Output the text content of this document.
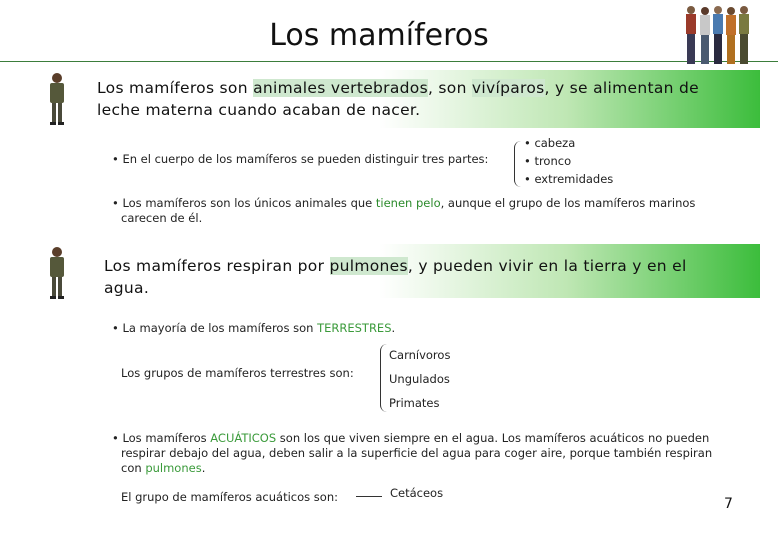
Los mamíferos
Los mamíferos son animales vertebrados, son vivíparos, y se alimentan de
leche materna cuando acaban de nacer.
• En el cuerpo de los mamíferos se pueden distinguir tres partes:
• cabeza
• tronco
• extremidades
• Los mamíferos son los únicos animales que tienen pelo, aunque el grupo de los mamíferos marinos
carecen de él.
Los mamíferos respiran por pulmones, y pueden vivir en la tierra y en el
agua.
• La mayoría de los mamíferos son TERRESTRES.
Los grupos de mamíferos terrestres son:
Carnívoros
Ungulados
Primates
• Los mamíferos ACUÁTICOS son los que viven siempre en el agua. Los mamíferos acuáticos no pueden
respirar debajo del agua, deben salir a la superficie del agua para coger aire, porque también respiran
con pulmones.
El grupo de mamíferos acuáticos son:	Cetáceos
7
